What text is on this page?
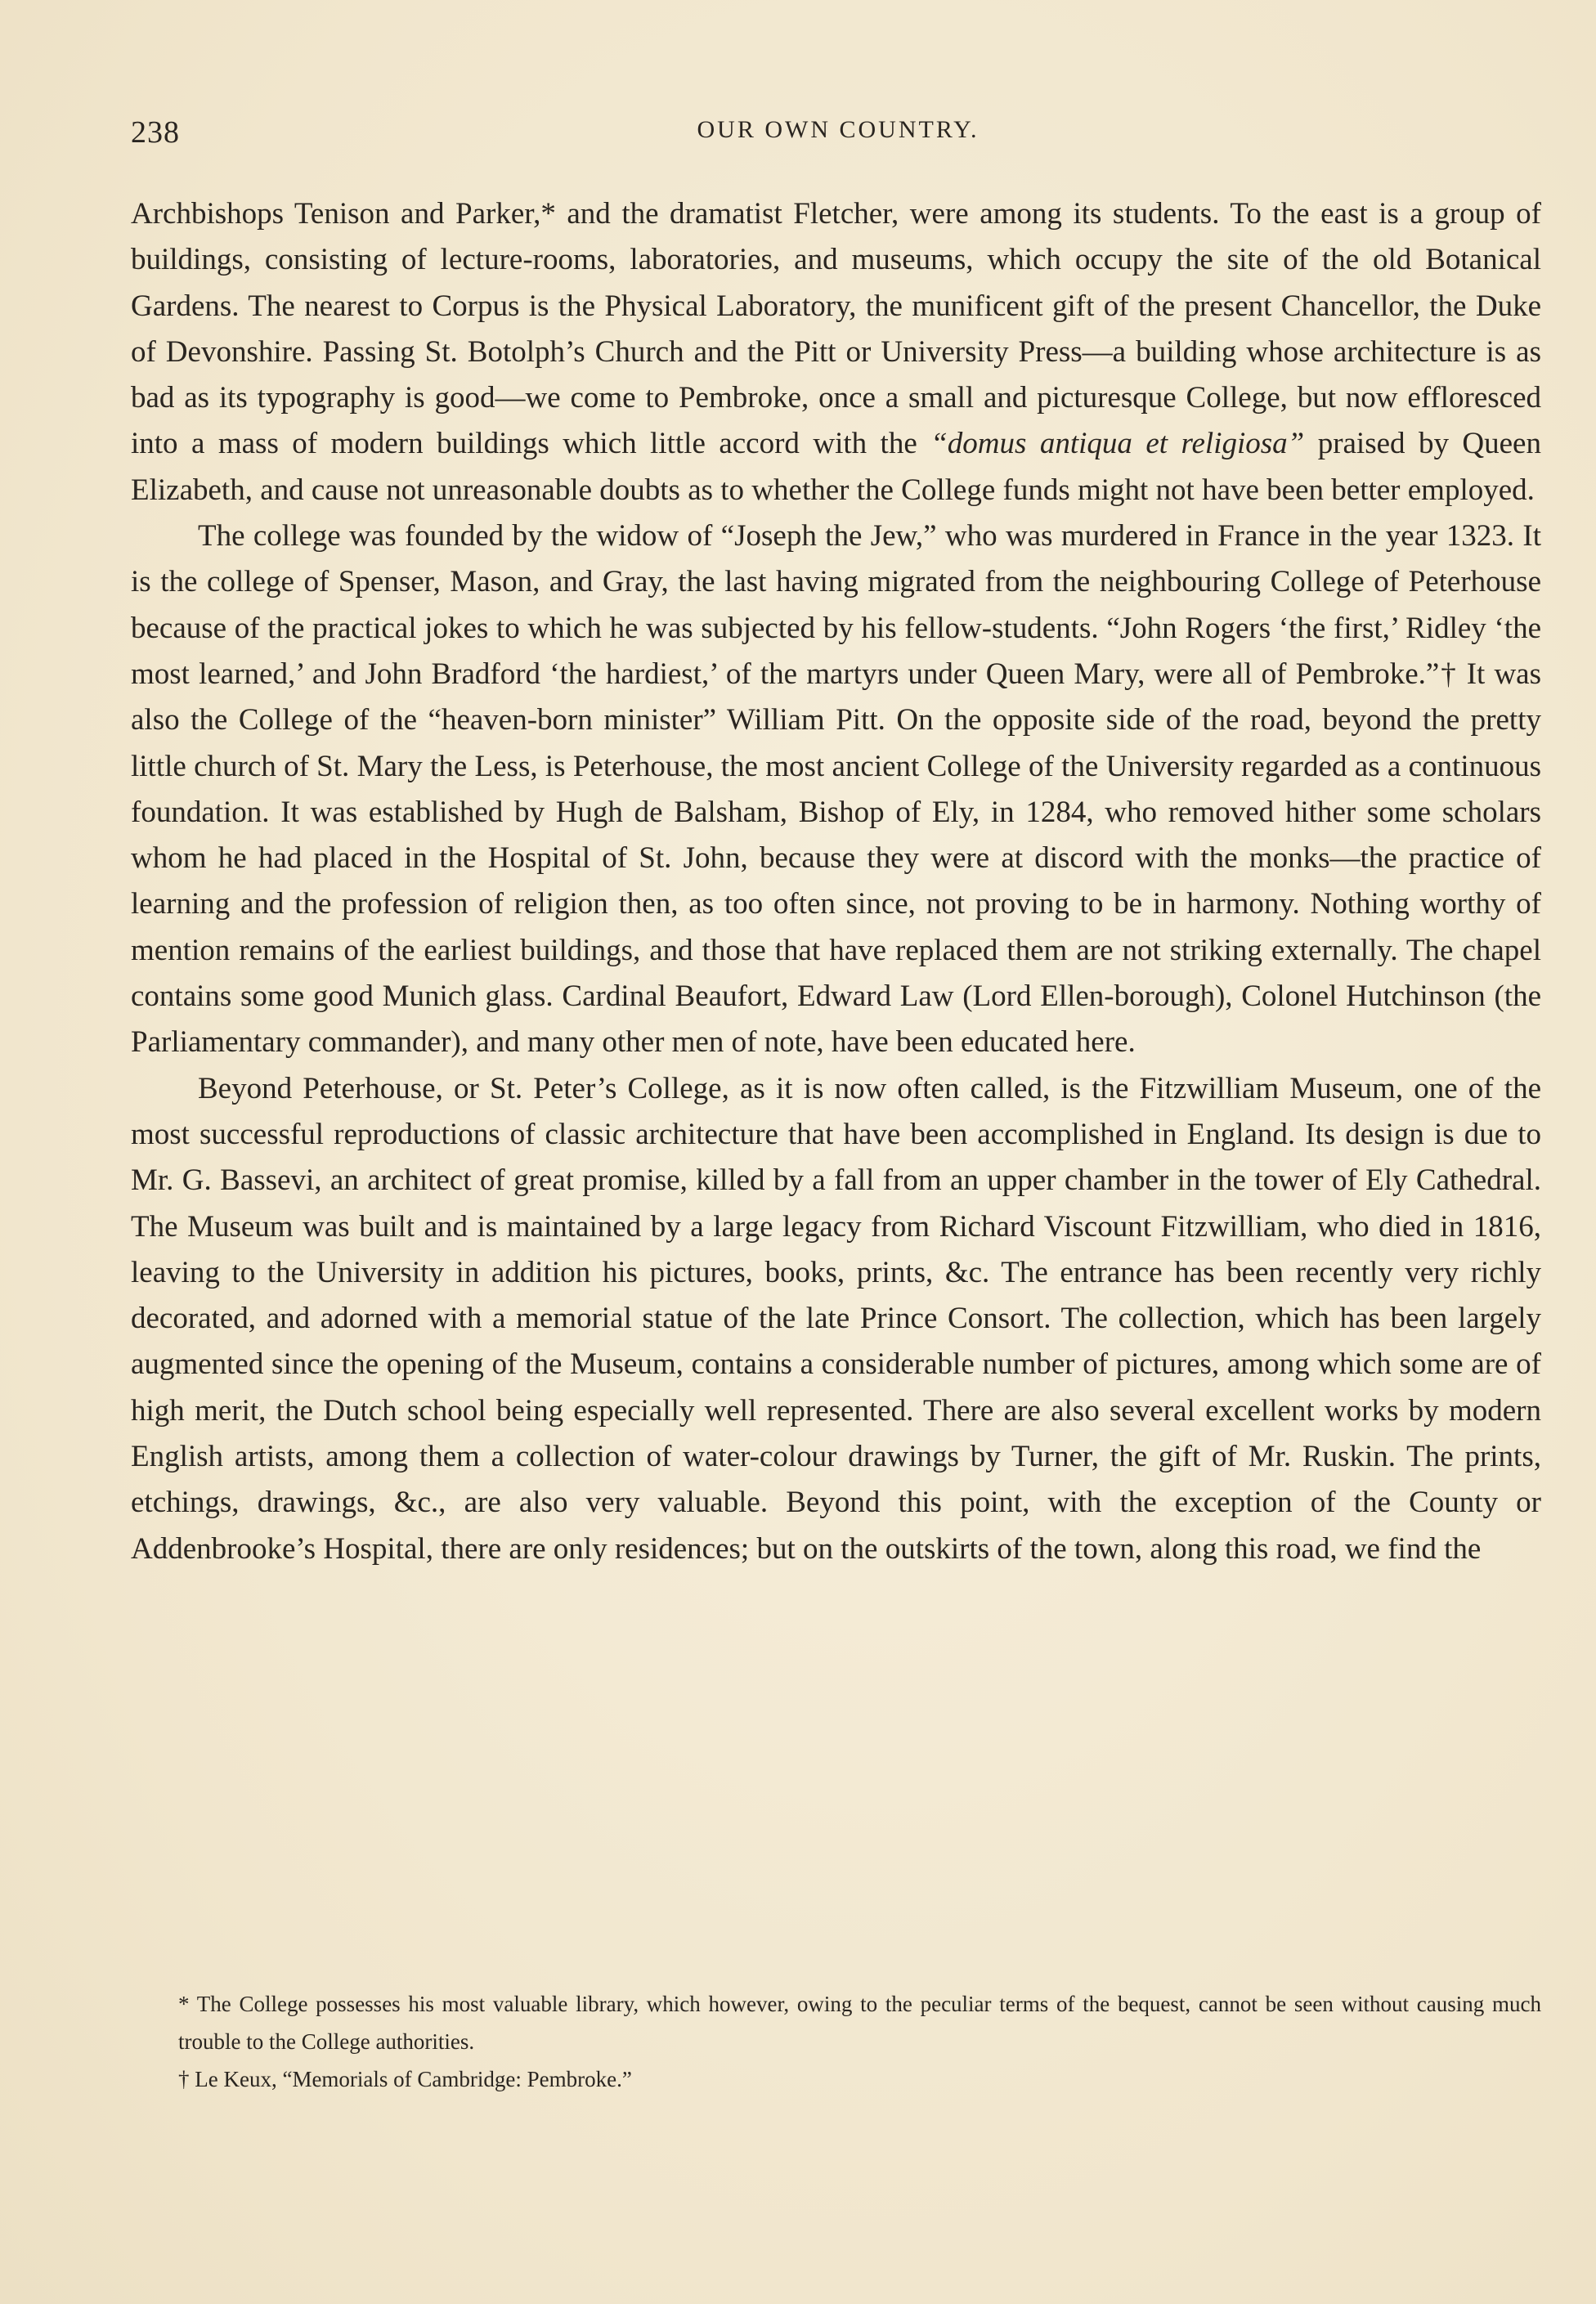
238	OUR OWN COUNTRY.

Archbishops Tenison and Parker,* and the dramatist Fletcher, were among its students. To the east is a group of buildings, consisting of lecture-rooms, laboratories, and museums, which occupy the site of the old Botanical Gardens. The nearest to Corpus is the Physical Laboratory, the munificent gift of the present Chancellor, the Duke of Devonshire. Passing St. Botolph’s Church and the Pitt or University Press—a building whose architecture is as bad as its typography is good—we come to Pembroke, once a small and picturesque College, but now effloresced into a mass of modern buildings which little accord with the “domus antiqua et religiosa” praised by Queen Elizabeth, and cause not unreasonable doubts as to whether the College funds might not have been better employed.

The college was founded by the widow of “Joseph the Jew,” who was murdered in France in the year 1323. It is the college of Spenser, Mason, and Gray, the last having migrated from the neighbouring College of Peterhouse because of the practical jokes to which he was subjected by his fellow-students. “John Rogers ‘the first,’ Ridley ‘the most learned,’ and John Bradford ‘the hardiest,’ of the martyrs under Queen Mary, were all of Pembroke.”† It was also the College of the “heaven-born minister” William Pitt. On the opposite side of the road, beyond the pretty little church of St. Mary the Less, is Peterhouse, the most ancient College of the University regarded as a continuous foundation. It was established by Hugh de Balsham, Bishop of Ely, in 1284, who removed hither some scholars whom he had placed in the Hospital of St. John, because they were at discord with the monks—the practice of learning and the profession of religion then, as too often since, not proving to be in harmony. Nothing worthy of mention remains of the earliest buildings, and those that have replaced them are not striking externally. The chapel contains some good Munich glass. Cardinal Beaufort, Edward Law (Lord Ellen-borough), Colonel Hutchinson (the Parliamentary commander), and many other men of note, have been educated here.

Beyond Peterhouse, or St. Peter’s College, as it is now often called, is the Fitzwilliam Museum, one of the most successful reproductions of classic architecture that have been accomplished in England. Its design is due to Mr. G. Bassevi, an architect of great promise, killed by a fall from an upper chamber in the tower of Ely Cathedral. The Museum was built and is maintained by a large legacy from Richard Viscount Fitzwilliam, who died in 1816, leaving to the University in addition his pictures, books, prints, &c. The entrance has been recently very richly decorated, and adorned with a memorial statue of the late Prince Consort. The collection, which has been largely augmented since the opening of the Museum, contains a considerable number of pictures, among which some are of high merit, the Dutch school being especially well represented. There are also several excellent works by modern English artists, among them a collection of water-colour drawings by Turner, the gift of Mr. Ruskin. The prints, etchings, drawings, &c., are also very valuable. Beyond this point, with the exception of the County or Addenbrooke’s Hospital, there are only residences; but on the outskirts of the town, along this road, we find the

* The College possesses his most valuable library, which however, owing to the peculiar terms of the bequest, cannot be seen without causing much trouble to the College authorities.

† Le Keux, “Memorials of Cambridge: Pembroke.”
